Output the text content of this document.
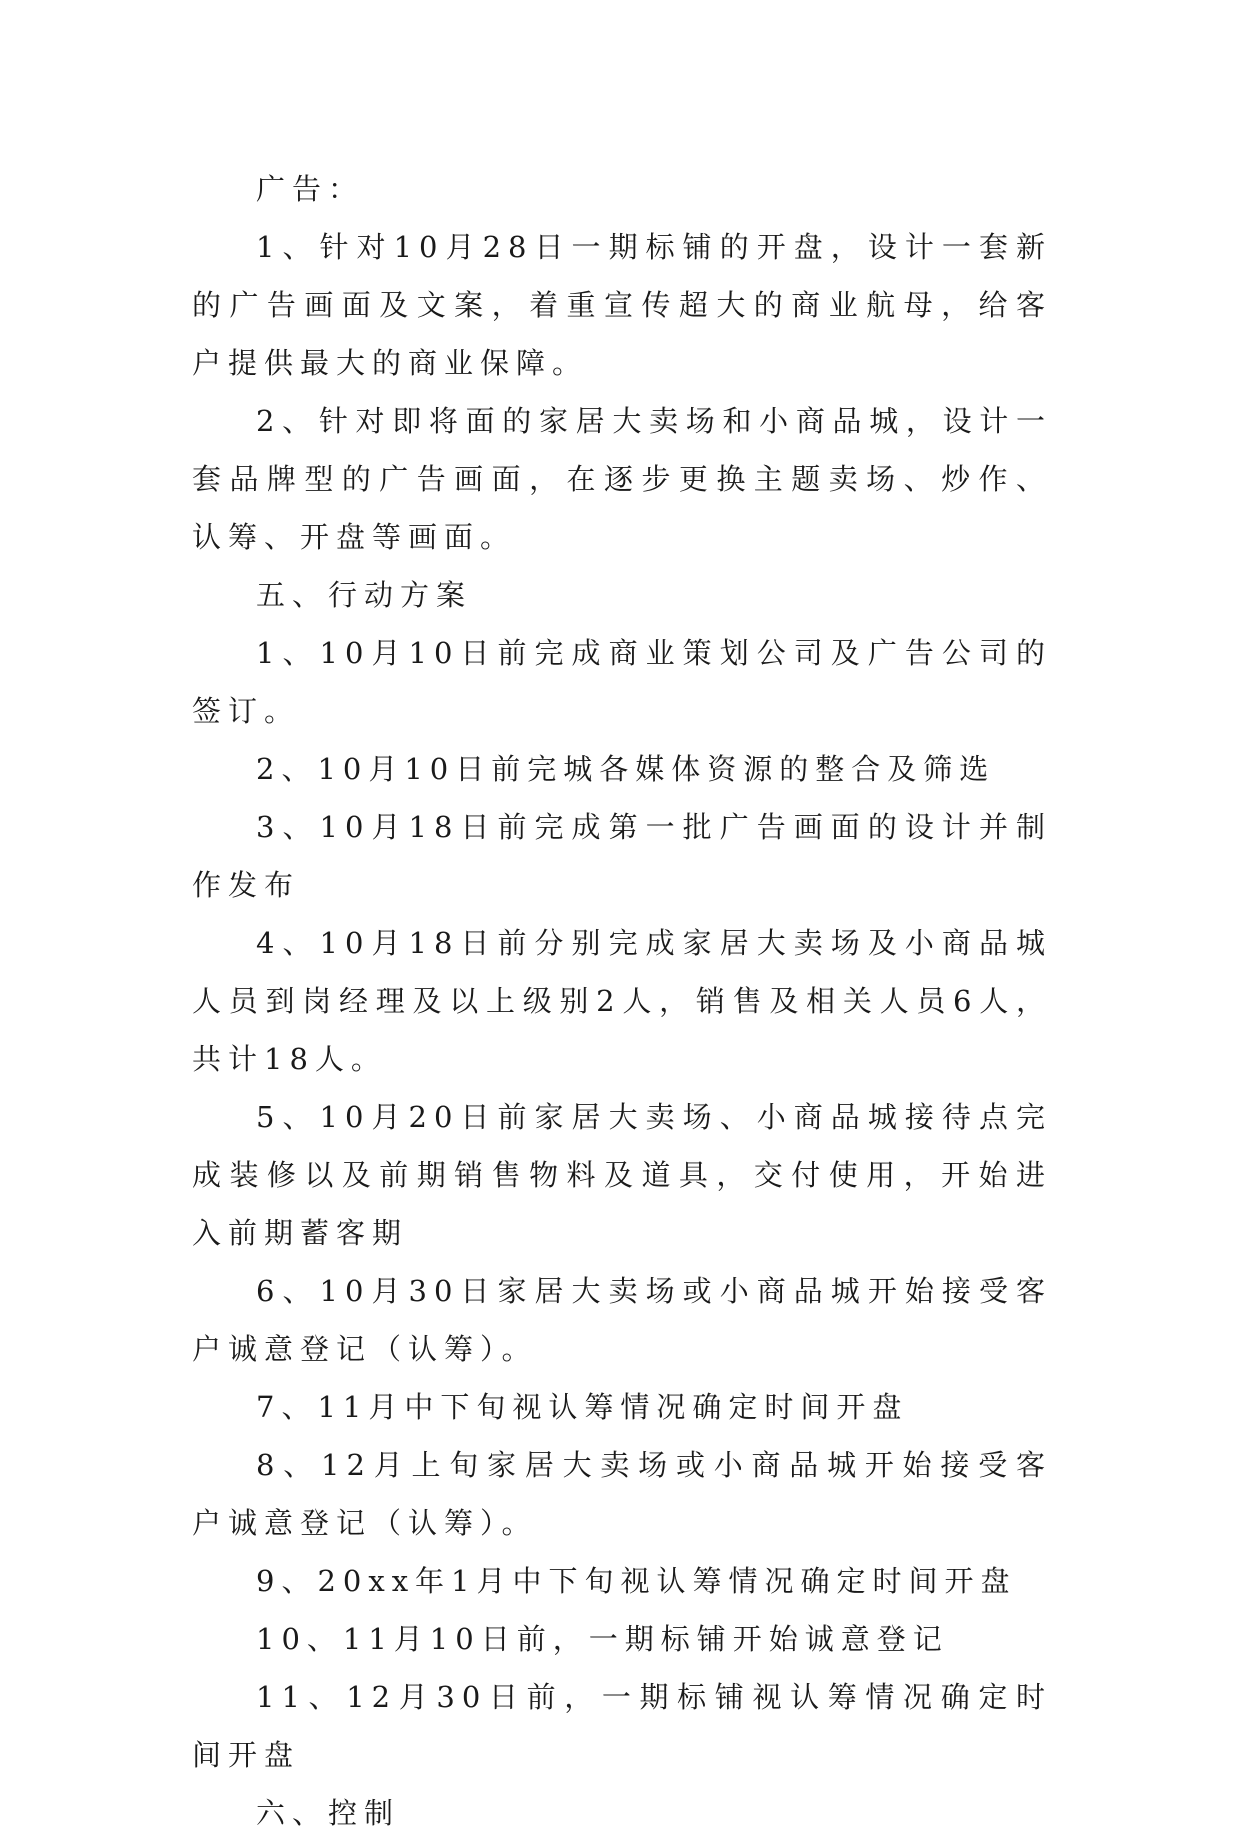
广告：

1、针对10月28日一期标铺的开盘，设计一套新的广告画面及文案，着重宣传超大的商业航母，给客户提供最大的商业保障。

2、针对即将面的家居大卖场和小商品城，设计一套品牌型的广告画面，在逐步更换主题卖场、炒作、认筹、开盘等画面。

五、行动方案

1、10月10日前完成商业策划公司及广告公司的签订。

2、10月10日前完城各媒体资源的整合及筛选

3、10月18日前完成第一批广告画面的设计并制作发布

4、10月18日前分别完成家居大卖场及小商品城人员到岗经理及以上级别2人，销售及相关人员6人，共计18人。

5、10月20日前家居大卖场、小商品城接待点完成装修以及前期销售物料及道具，交付使用，开始进入前期蓄客期

6、10月30日家居大卖场或小商品城开始接受客户诚意登记（认筹）。

7、11月中下旬视认筹情况确定时间开盘

8、12月上旬家居大卖场或小商品城开始接受客户诚意登记（认筹）。

9、20xx年1月中下旬视认筹情况确定时间开盘

10、11月10日前，一期标铺开始诚意登记

11、12月30日前，一期标铺视认筹情况确定时间开盘

六、控制
